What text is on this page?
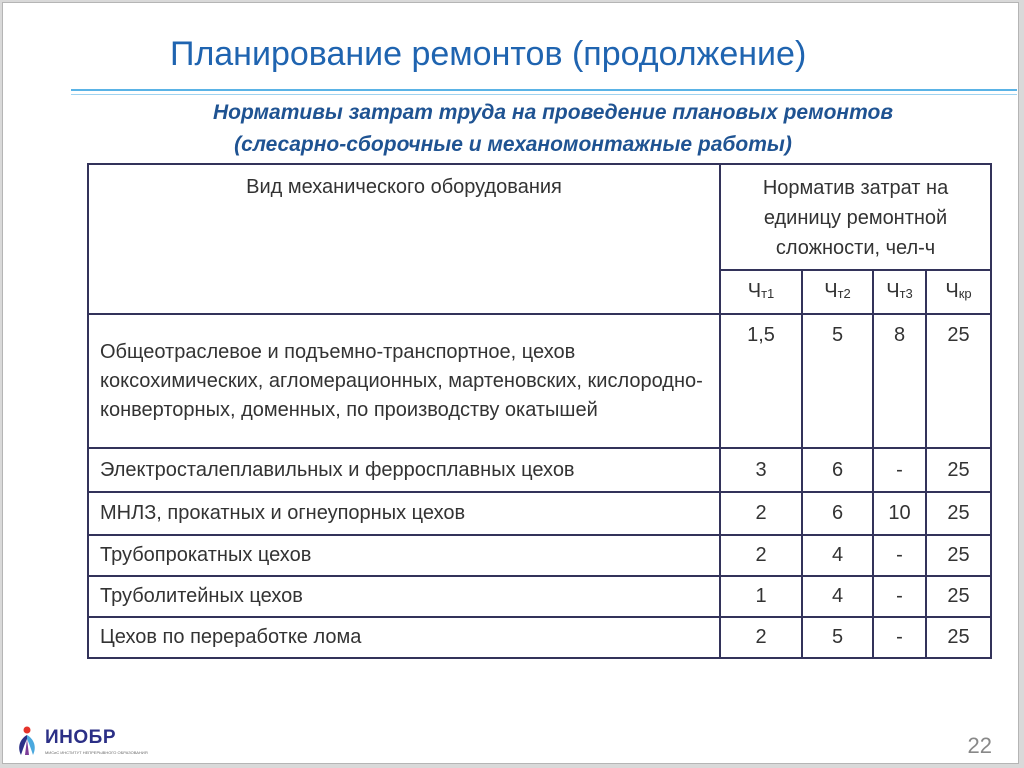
Планирование ремонтов (продолжение)
Нормативы затрат труда на проведение плановых ремонтов
(слесарно-сборочные и механомонтажные работы)
Вид механического оборудования	Норматив затрат на единицу ремонтной сложности, чел-ч			
	$Ч_{т1}$	$Ч_{т2}$	$Ч_{т3}$	$Ч_{кр}$
Общеотраслевое и подъемно-транспортное, цехов коксохимических, агломерационных, мартеновских, кислородно-конверторных, доменных, по производству окатышей	1,5	5	8	25
Электросталеплавильных и ферросплавных цехов	3	6	-	25
МНЛЗ, прокатных и огнеупорных цехов	2	6	10	25
Трубопрокатных цехов	2	4	-	25
Труболитейных цехов	1	4	-	25
Цехов по переработке лома	2	5	-	25
ИНОБР
МИСиС ИНСТИТУТ НЕПРЕРЫВНОГО ОБРАЗОВАНИЯ	22
